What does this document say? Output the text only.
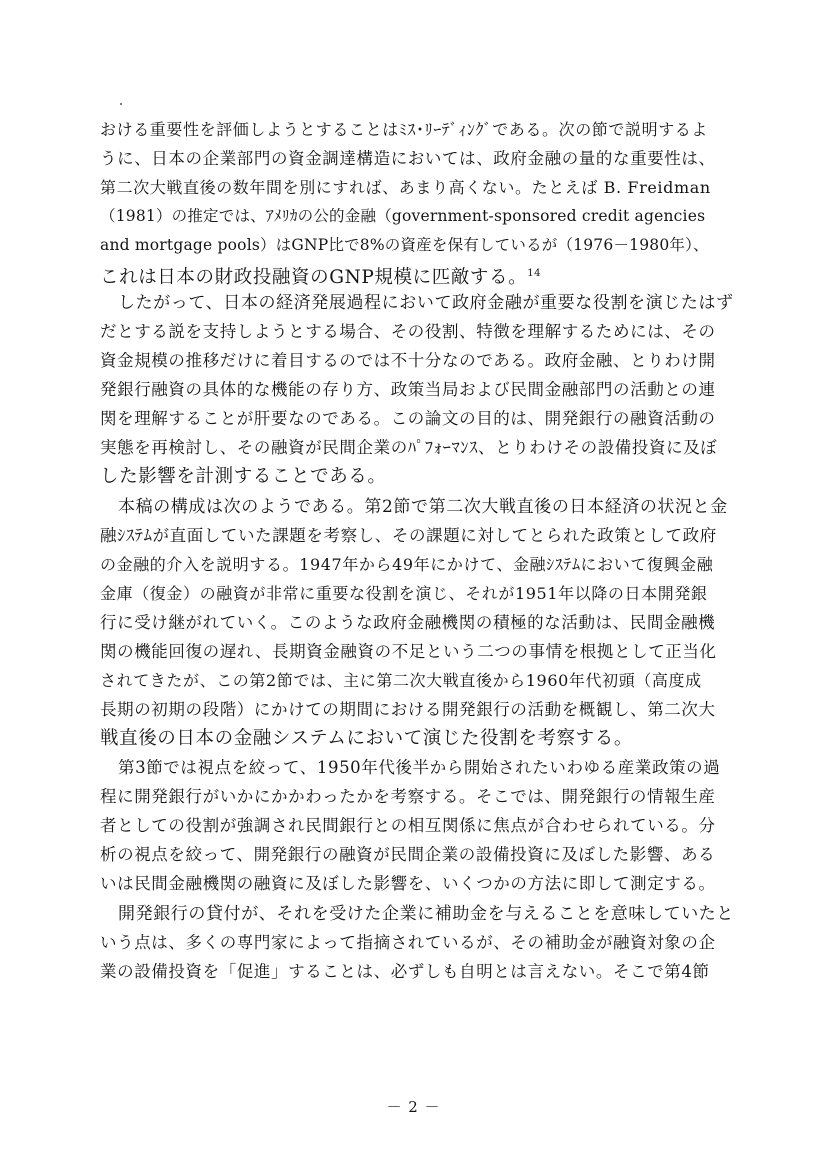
おける重要性を評価しようとすることはﾐｽ･ﾘｰﾃﾞｨﾝｸﾞである。次の節で説明するよ
うに、日本の企業部門の資金調達構造においては、政府金融の量的な重要性は、
第二次大戦直後の数年間を別にすれば、あまり高くない。たとえば B. Freidman
（1981）の推定では、ｱﾒﾘｶの公的金融（government-sponsored credit agencies
and mortgage pools）はGNP比で8%の資産を保有しているが（1976－1980年）、
これは日本の財政投融資のGNP規模に匹敵する。$^{14}$
したがって、日本の経済発展過程において政府金融が重要な役割を演じたはず
だとする説を支持しようとする場合、その役割、特徴を理解するためには、その
資金規模の推移だけに着目するのでは不十分なのである。政府金融、とりわけ開
発銀行融資の具体的な機能の存り方、政策当局および民間金融部門の活動との連
関を理解することが肝要なのである。この論文の目的は、開発銀行の融資活動の
実態を再検討し、その融資が民間企業のﾊﾟﾌｫｰﾏﾝｽ、とりわけその設備投資に及ぼ
した影響を計測することである。
本稿の構成は次のようである。第2節で第二次大戦直後の日本経済の状況と金
融ｼｽﾃﾑが直面していた課題を考察し、その課題に対してとられた政策として政府
の金融的介入を説明する。1947年から49年にかけて、金融ｼｽﾃﾑにおいて復興金融
金庫（復金）の融資が非常に重要な役割を演じ、それが1951年以降の日本開発銀
行に受け継がれていく。このような政府金融機関の積極的な活動は、民間金融機
関の機能回復の遅れ、長期資金融資の不足という二つの事情を根拠として正当化
されてきたが、この第2節では、主に第二次大戦直後から1960年代初頭（高度成
長期の初期の段階）にかけての期間における開発銀行の活動を概観し、第二次大
戦直後の日本の金融システムにおいて演じた役割を考察する。
第3節では視点を絞って、1950年代後半から開始されたいわゆる産業政策の過
程に開発銀行がいかにかかわったかを考察する。そこでは、開発銀行の情報生産
者としての役割が強調され民間銀行との相互関係に焦点が合わせられている。分
析の視点を絞って、開発銀行の融資が民間企業の設備投資に及ぼした影響、ある
いは民間金融機関の融資に及ぼした影響を、いくつかの方法に即して測定する。
開発銀行の貸付が、それを受けた企業に補助金を与えることを意味していたと
いう点は、多くの専門家によって指摘されているが、その補助金が融資対象の企
業の設備投資を「促進」することは、必ずしも自明とは言えない。そこで第4節
－ 2 －
